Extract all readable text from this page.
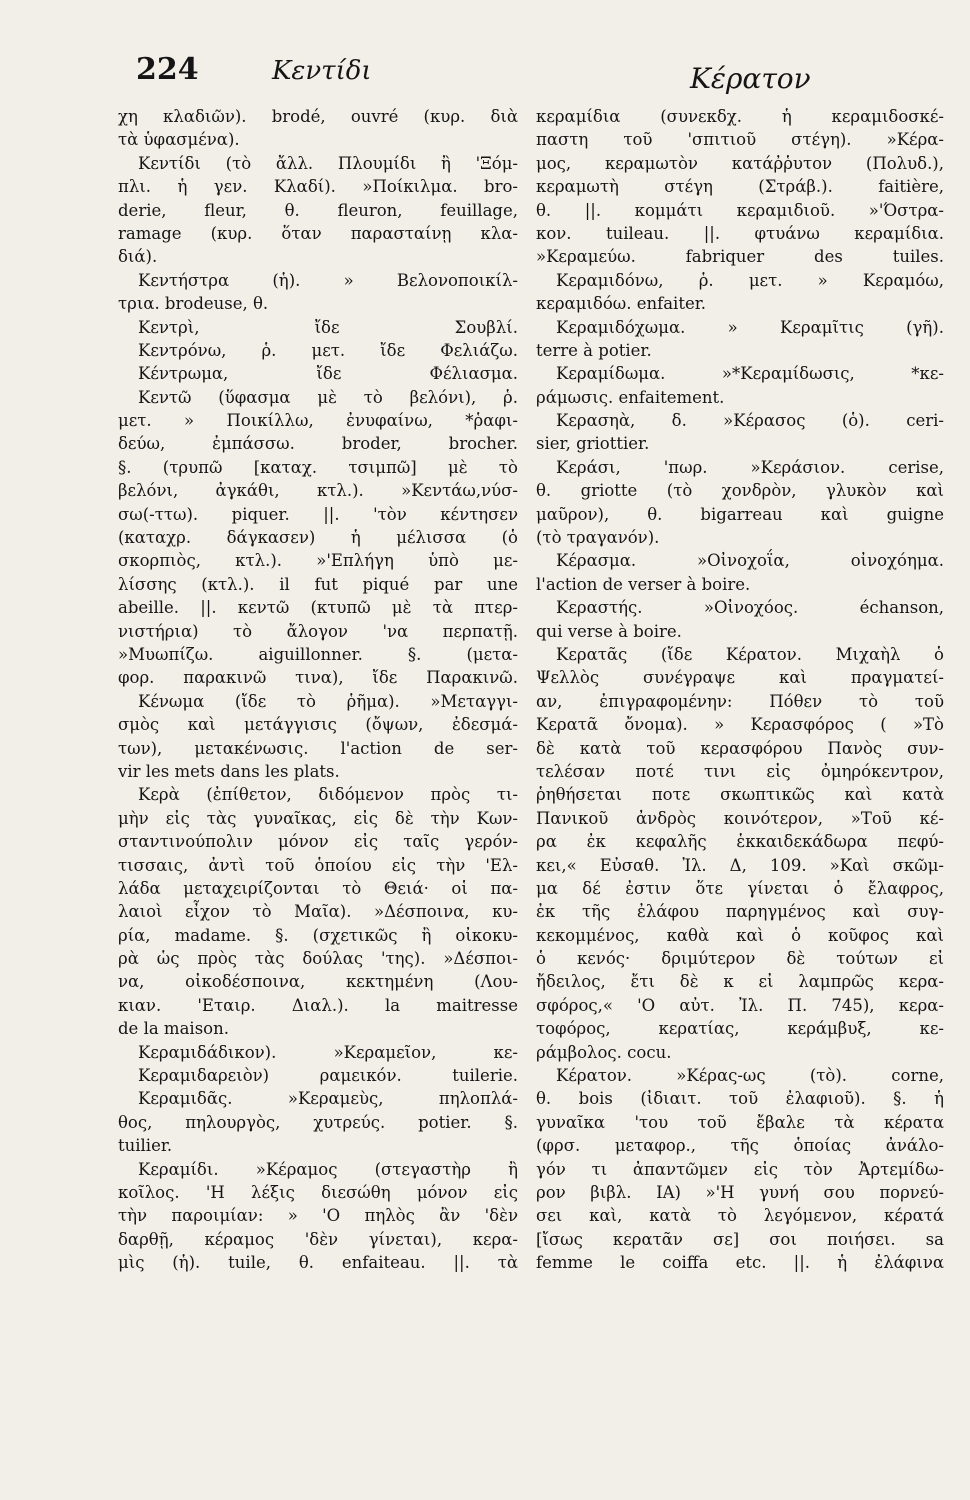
224	Κεντίδι	Κέρατον
χη κλαδιῶν). brodé, ouvré (κυρ. διὰ
τὰ ὑφασμένα).
Κεντίδι (τὸ ἄλλ. Πλουμίδι ἢ 'Ξόμ-
πλι. ἡ γεν. Κλαδί). »Ποίκιλμα. bro-
derie, fleur, θ. fleuron, feuillage,
ramage (κυρ. ὅταν παρασταίνῃ κλα-
διά).
Κεντήστρα (ἡ). » Βελονοποικίλ-
τρια. brodeuse, θ.
Κεντρὶ, ἴδε Σουβλί.
Κεντρόνω, ῥ. μετ. ἴδε Φελιάζω.
Κέντρωμα, ἴδε Φέλιασμα.
Κεντῶ (ὕφασμα μὲ τὸ βελόνι), ῥ.
μετ. » Ποικίλλω, ἐνυφαίνω, *ῥαφι-
δεύω, ἐμπάσσω. broder, brocher.
§. (τρυπῶ [καταχ. τσιμπῶ] μὲ τὸ
βελόνι, ἀγκάθι, κτλ.). »Κεντάω,νύσ-
σω(-ττω). piquer. ||. 'τὸν κέντησεν
(καταχρ. δάγκασεν) ἡ μέλισσα (ὁ
σκορπιὸς, κτλ.). »'Επλήγη ὑπὸ με-
λίσσης (κτλ.). il fut piqué par une
abeille. ||. κεντῶ (κτυπῶ μὲ τὰ πτερ-
νιστήρια) τὸ ἄλογον 'να περπατῇ.
»Μυωπίζω. aiguillonner. §. (μετα-
φορ. παρακινῶ τινα), ἴδε Παρακινῶ.
Κένωμα (ἴδε τὸ ῥῆμα). »Μεταγγι-
σμὸς καὶ μετάγγισις (ὄψων, ἐδεσμά-
των), μετακένωσις. l'action de ser-
vir les mets dans les plats.
Κερὰ (ἐπίθετον, διδόμενον πρὸς τι-
μὴν εἰς τὰς γυναῖκας, εἰς δὲ τὴν Κων-
σταντινούπολιν μόνον εἰς ταῖς γερόν-
τισσαις, ἀντὶ τοῦ ὁποίου εἰς τὴν 'Ελ-
λάδα μεταχειρίζονται τὸ Θειά· οἱ πα-
λαιοὶ εἶχον τὸ Μαῖα). »Δέσποινα, κυ-
ρία, madame. §. (σχετικῶς ἢ οἰκοκυ-
ρὰ ὡς πρὸς τὰς δούλας 'της). »Δέσποι-
να, οἰκοδέσποινα, κεκτημένη (Λου-
κιαν. 'Εταιρ. Διαλ.). la maitresse
de la maison.
Κεραμιδάδικον). »Κεραμεῖον, κε-
Κεραμιδαρειὸν) ραμεικόν. tuilerie.
Κεραμιδᾶς. »Κεραμεὺς, πηλοπλά-
θος, πηλουργὸς, χυτρεύς. potier. §.
tuilier.
Κεραμίδι. »Κέραμος (στεγαστὴρ ἢ
κοῖλος. 'Η λέξις διεσώθη μόνον εἰς
τὴν παροιμίαν: » 'Ο πηλὸς ἂν 'δὲν
δαρθῇ, κέραμος 'δὲν γίνεται), κερα-
μὶς (ἡ). tuile, θ. enfaiteau. ||. τὰ
κεραμίδια (συνεκδχ. ἡ κεραμιδοσκέ-
παστη τοῦ 'σπιτιοῦ στέγη). »Κέρα-
μος, κεραμωτὸν κατάῤῥυτον (Πολυδ.),
κεραμωτὴ στέγη (Στράβ.). faitière,
θ. ||. κομμάτι κεραμιδιοῦ. »'Όστρα-
κον. tuileau. ||. φτυάνω κεραμίδια.
»Κεραμεύω. fabriquer des tuiles.
Κεραμιδόνω, ῥ. μετ. » Κεραμόω,
κεραμιδόω. enfaiter.
Κεραμιδόχωμα. » Κεραμῖτις (γῆ).
terre à potier.
Κεραμίδωμα. »*Κεραμίδωσις, *κε-
ράμωσις. enfaitement.
Κερασηὰ, δ. »Κέρασος (ὁ). ceri-
sier, griottier.
Κεράσι, 'πωρ. »Κεράσιον. cerise,
θ. griotte (τὸ χονδρὸν, γλυκὸν καὶ
μαῦρον), θ. bigarreau καὶ guigne
(τὸ τραγανόν).
Κέρασμα. »Οἰνοχοΐα, οἰνοχόημα.
l'action de verser à boire.
Κεραστής. »Οἰνοχόος. échanson,
qui verse à boire.
Κερατᾶς (ἴδε Κέρατον. Μιχαὴλ ὁ
Ψελλὸς συνέγραψε καὶ πραγματεί-
αν, ἐπιγραφομένην: Πόθεν τὸ τοῦ
Κερατᾶ ὄνομα). » Κερασφόρος ( »Τὸ
δὲ κατὰ τοῦ κερασφόρου Πανὸς συν-
τελέσαν ποτέ τινι εἰς ὀμηρόκεντρον,
ῥηθήσεται ποτε σκωπτικῶς καὶ κατὰ
Πανικοῦ ἀνδρὸς κοινότερον, »Τοῦ κέ-
ρα ἐκ κεφαλῆς ἑκκαιδεκάδωρα πεφύ-
κει,« Εὐσαθ. Ἰλ. Δ, 109. »Καὶ σκῶμ-
μα δέ ἐστιν ὅτε γίνεται ὁ ἔλαφρος,
ἐκ τῆς ἐλάφου παρηγμένος καὶ συγ-
κεκομμένος, καθὰ καὶ ὁ κοῦφος καὶ
ὁ κενός· δριμύτερον δὲ τούτων εἰ
ἤδειλος, ἔτι δὲ κ εἰ λαμπρῶς κερα-
σφόρος,« 'Ο αὐτ. Ἰλ. Π. 745), κερα-
τοφόρος, κερατίας, κεράμβυξ, κε-
ράμβολος. cocu.
Κέρατον. »Κέρας-ως (τὸ). corne,
θ. bois (ἰδιαιτ. τοῦ ἐλαφιοῦ). §. ἡ
γυναῖκα 'του τοῦ ἔβαλε τὰ κέρατα
(φρσ. μεταφορ., τῆς ὁποίας ἀνάλο-
γόν τι ἀπαντῶμεν εἰς τὸν Ἀρτεμίδω-
ρον βιβλ. ΙΑ) »'Η γυνή σου πορνεύ-
σει καὶ, κατὰ τὸ λεγόμενον, κέρατά
[ἴσως κερατᾶν σε] σοι ποιήσει. sa
femme le coiffa etc. ||. ἡ ἐλάφινα
